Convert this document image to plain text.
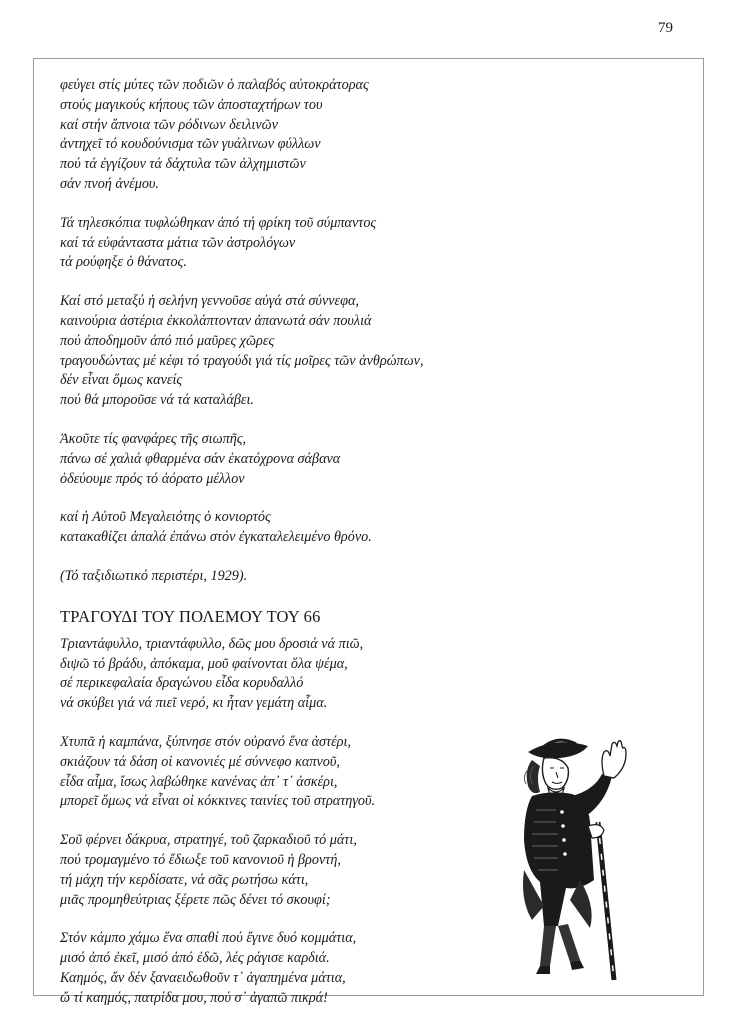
79
φεύγει στίς μύτες τῶν ποδιῶν ὁ παλαβός αὐτοκράτορας
στούς μαγικούς κήπους τῶν ἀποσταχτήρων του
καί στήν ἄπνοια τῶν ρόδινων δειλινῶν
ἀντηχεῖ τό κουδούνισμα τῶν γυάλινων φύλλων
πού τά ἐγγίζουν τά δάχτυλα τῶν ἀλχημιστῶν
σάν πνοή ἀνέμου.
Τά τηλεσκόπια τυφλώθηκαν ἀπό τή φρίκη τοῦ σύμπαντος
καί τά εὐφάνταστα μάτια τῶν ἀστρολόγων
τά ρούφηξε ὁ θάνατος.
Καί στό μεταξύ ἡ σελήνη γεννοῦσε αὐγά στά σύννεφα,
καινούρια ἀστέρια ἐκκολάπτονταν ἀπανωτά σάν πουλιά
πού ἀποδημοῦν ἀπό πιό μαῦρες χῶρες
τραγουδώντας μέ κέφι τό τραγούδι γιά τίς μοῖρες τῶν ἀνθρώπων,
δέν εἶναι ὅμως κανείς
πού θά μποροῦσε νά τά καταλάβει.
Ἀκοῦτε τίς φανφάρες τῆς σιωπῆς,
πάνω σέ χαλιά φθαρμένα σάν ἑκατόχρονα σάβανα
ὁδεύουμε πρός τό ἀόρατο μέλλον
καί ἡ Αὐτοῦ Μεγαλειότης ὁ κονιορτός
κατακαθίζει ἁπαλά ἐπάνω στόν ἐγκαταλελειμένο θρόνο.
(Τό ταξιδιωτικό περιστέρι, 1929).
ΤΡΑΓΟΥΔΙ ΤΟΥ ΠΟΛΕΜΟΥ ΤΟΥ 66
Τριαντάφυλλο, τριαντάφυλλο, δῶς μου δροσιά νά πιῶ,
διψῶ τό βράδυ, ἀπόκαμα, μοῦ φαίνονται ὅλα ψέμα,
σέ περικεφαλαία δραγώνου εἶδα κορυδαλλό
νά σκύβει γιά νά πιεῖ νερό, κι ἦταν γεμάτη αἷμα.
Χτυπᾶ ἡ καμπάνα, ξύπνησε στόν οὐρανό ἕνα ἀστέρι,
σκιάζουν τά δάση οἱ κανονιές μέ σύννεφο καπνοῦ,
εἶδα αἷμα, ἴσως λαβώθηκε κανένας ἀπ᾽ τ᾽ ἀσκέρι,
μπορεῖ ὅμως νά εἶναι οἱ κόκκινες ταινίες τοῦ στρατηγοῦ.
Σοῦ φέρνει δάκρυα, στρατηγέ, τοῦ ζαρκαδιοῦ τό μάτι,
πού τρομαγμένο τό ἔδιωξε τοῦ κανονιοῦ ἡ βροντή,
τή μάχη τήν κερδίσατε, νά σᾶς ρωτήσω κάτι,
μιᾶς προμηθεύτριας ξέρετε πῶς δένει τό σκουφί;
Στόν κάμπο χάμω ἕνα σπαθί πού ἔγινε δυό κομμάτια,
μισό ἀπό ἐκεῖ, μισό ἀπό ἐδῶ, λές ράγισε καρδιά.
Καημός, ἄν δέν ξαναειδωθοῦν τ᾽ ἀγαπημένα μάτια,
ὤ τί καημός, πατρίδα μου, πού σ᾽ ἀγαπῶ πικρά!
